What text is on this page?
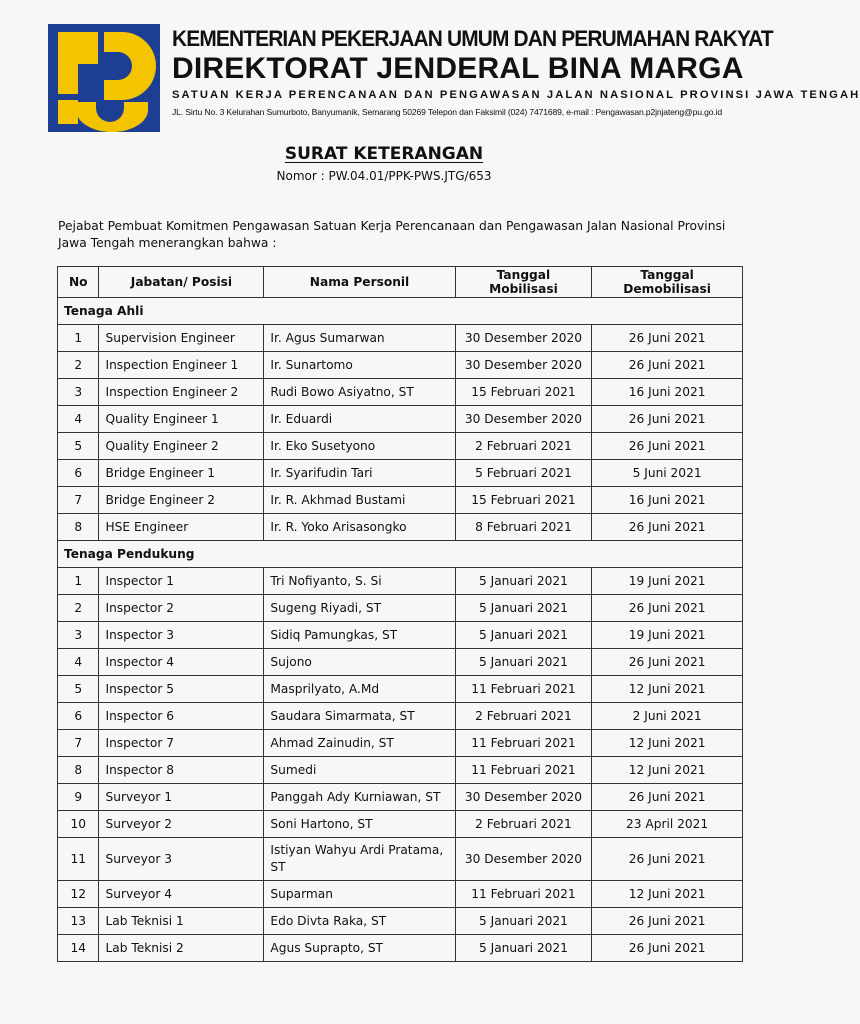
KEMENTERIAN PEKERJAAN UMUM DAN PERUMAHAN RAKYAT
DIREKTORAT JENDERAL BINA MARGA
SATUAN KERJA PERENCANAAN DAN PENGAWASAN JALAN NASIONAL PROVINSI JAWA TENGAH
JL. Sirtu No. 3 Kelurahan Sumurboto, Banyumanik, Semarang 50269 Telepon dan Faksimil (024) 7471689, e-mail : Pengawasan.p2jnjateng@pu.go.id
SURAT KETERANGAN
Nomor : PW.04.01/PPK-PWS.JTG/653
Pejabat Pembuat Komitmen Pengawasan Satuan Kerja Perencanaan dan Pengawasan Jalan Nasional Provinsi Jawa Tengah menerangkan bahwa :
No	Jabatan/ Posisi	Nama Personil	Tanggal Mobilisasi	Tanggal Demobilisasi
Tenaga Ahli				
1	Supervision Engineer	Ir. Agus Sumarwan	30 Desember 2020	26 Juni 2021
2	Inspection Engineer 1	Ir. Sunartomo	30 Desember 2020	26 Juni 2021
3	Inspection Engineer 2	Rudi Bowo Asiyatno, ST	15 Februari 2021	16 Juni 2021
4	Quality Engineer 1	Ir. Eduardi	30 Desember 2020	26 Juni 2021
5	Quality Engineer 2	Ir. Eko Susetyono	2 Februari 2021	26 Juni 2021
6	Bridge Engineer 1	Ir. Syarifudin Tari	5 Februari 2021	5 Juni 2021
7	Bridge Engineer 2	Ir. R. Akhmad Bustami	15 Februari 2021	16 Juni 2021
8	HSE Engineer	Ir. R. Yoko Arisasongko	8 Februari 2021	26 Juni 2021
Tenaga Pendukung				
1	Inspector 1	Tri Nofiyanto, S. Si	5 Januari 2021	19 Juni 2021
2	Inspector 2	Sugeng Riyadi, ST	5 Januari 2021	26 Juni 2021
3	Inspector 3	Sidiq Pamungkas, ST	5 Januari 2021	19 Juni 2021
4	Inspector 4	Sujono	5 Januari 2021	26 Juni 2021
5	Inspector 5	Masprilyato, A.Md	11 Februari 2021	12 Juni 2021
6	Inspector 6	Saudara Simarmata, ST	2 Februari 2021	2 Juni 2021
7	Inspector 7	Ahmad Zainudin, ST	11 Februari 2021	12 Juni 2021
8	Inspector 8	Sumedi	11 Februari 2021	12 Juni 2021
9	Surveyor 1	Panggah Ady Kurniawan, ST	30 Desember 2020	26 Juni 2021
10	Surveyor 2	Soni Hartono, ST	2 Februari 2021	23 April 2021
11	Surveyor 3	Istiyan Wahyu Ardi Pratama, ST	30 Desember 2020	26 Juni 2021
12	Surveyor 4	Suparman	11 Februari 2021	12 Juni 2021
13	Lab Teknisi 1	Edo Divta Raka, ST	5 Januari 2021	26 Juni 2021
14	Lab Teknisi 2	Agus Suprapto, ST	5 Januari 2021	26 Juni 2021
